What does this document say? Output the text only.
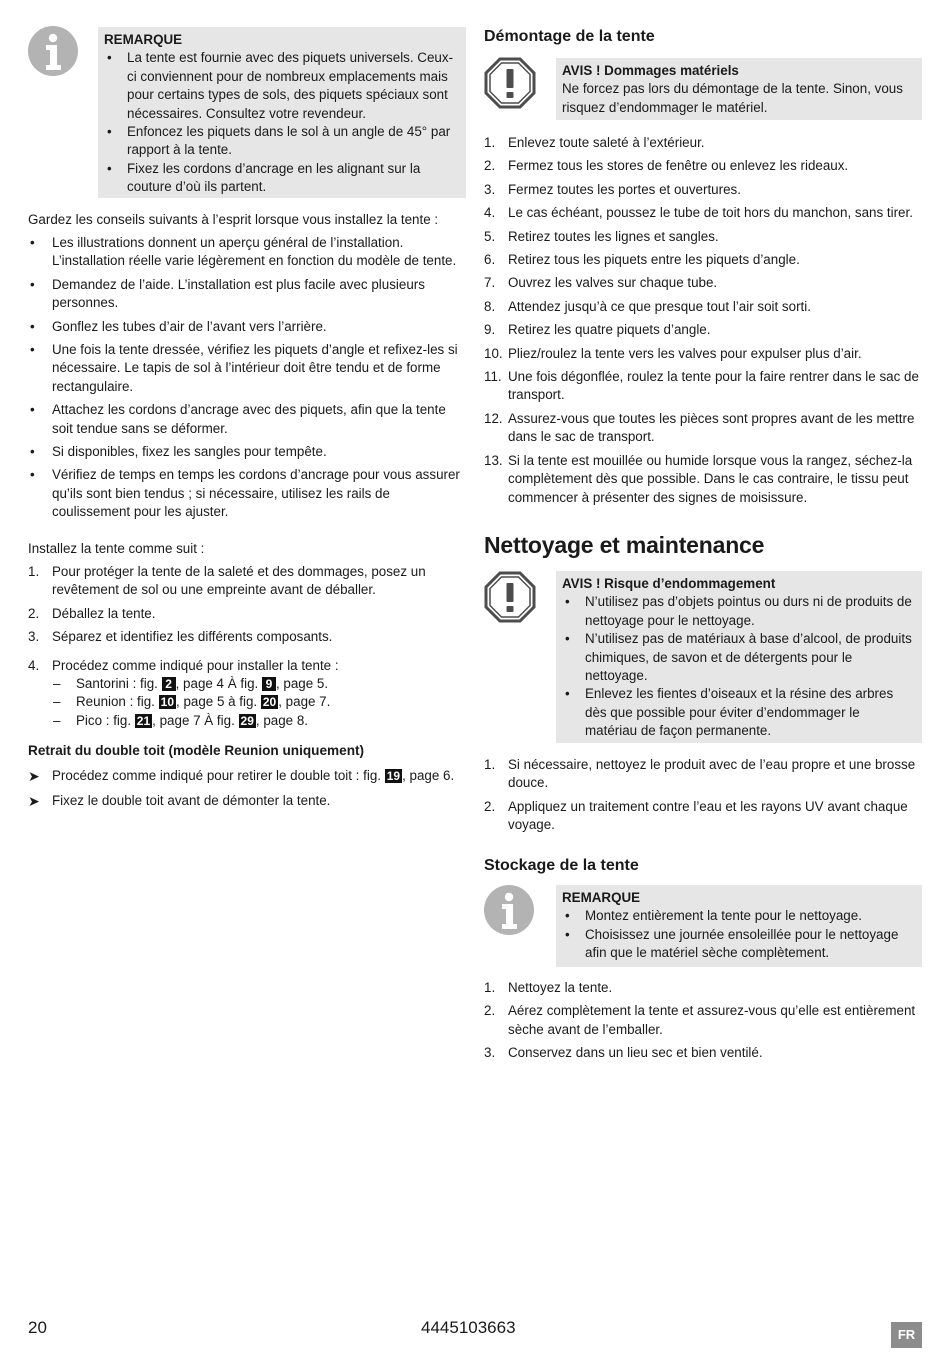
REMARQUE
• La tente est fournie avec des piquets universels. Ceux-ci conviennent pour de nombreux emplacements mais pour certains types de sols, des piquets spéciaux sont nécessaires. Consultez votre revendeur.
• Enfoncez les piquets dans le sol à un angle de 45° par rapport à la tente.
• Fixez les cordons d’ancrage en les alignant sur la couture d’où ils partent.

Gardez les conseils suivants à l’esprit lorsque vous installez la tente :

• Les illustrations donnent un aperçu général de l’installation. L’installation réelle varie légèrement en fonction du modèle de tente.
• Demandez de l’aide. L’installation est plus facile avec plusieurs personnes.
• Gonflez les tubes d’air de l’avant vers l’arrière.
• Une fois la tente dressée, vérifiez les piquets d’angle et refixez-les si nécessaire. Le tapis de sol à l’intérieur doit être tendu et de forme rectangulaire.
• Attachez les cordons d’ancrage avec des piquets, afin que la tente soit tendue sans se déformer.
• Si disponibles, fixez les sangles pour tempête.
• Vérifiez de temps en temps les cordons d’ancrage pour vous assurer qu’ils sont bien tendus ; si nécessaire, utilisez les rails de coulissement pour les ajuster.

Installez la tente comme suit :

1. Pour protéger la tente de la saleté et des dommages, posez un revêtement de sol ou une empreinte avant de déballer.
2. Déballez la tente.
3. Séparez et identifiez les différents composants.
4. Procédez comme indiqué pour installer la tente :
– Santorini : fig. 2 , page 4 À fig. 9 , page 5.
– Reunion : fig. 10 , page 5 à fig. 20 , page 7.
– Pico : fig. 21 , page 7 À fig. 29 , page 8.
Retrait du double toit (modèle Reunion uniquement)
➤ Procédez comme indiqué pour retirer le double toit : fig. 19 , page 6.
➤ Fixez le double toit avant de démonter la tente.
Démontage de la tente
AVIS ! Dommages matériels
Ne forcez pas lors du démontage de la tente. Sinon, vous risquez d’endommager le matériel.
1. Enlevez toute saleté à l’extérieur.
2. Fermez tous les stores de fenêtre ou enlevez les rideaux.
3. Fermez toutes les portes et ouvertures.
4. Le cas échéant, poussez le tube de toit hors du manchon, sans tirer.
5. Retirez toutes les lignes et sangles.
6. Retirez tous les piquets entre les piquets d’angle.
7. Ouvrez les valves sur chaque tube.
8. Attendez jusqu’à ce que presque tout l’air soit sorti.
9. Retirez les quatre piquets d’angle.
10. Pliez/roulez la tente vers les valves pour expulser plus d’air.
11. Une fois dégonflée, roulez la tente pour la faire rentrer dans le sac de transport.
12. Assurez-vous que toutes les pièces sont propres avant de les mettre dans le sac de transport.
13. Si la tente est mouillée ou humide lorsque vous la rangez, séchez-la complètement dès que possible. Dans le cas contraire, le tissu peut commencer à présenter des signes de moisissure.
Nettoyage et maintenance
AVIS ! Risque d’endommagement
• N’utilisez pas d’objets pointus ou durs ni de produits de nettoyage pour le nettoyage.
• N’utilisez pas de matériaux à base d’alcool, de produits chimiques, de savon et de détergents pour le nettoyage.
• Enlevez les fientes d’oiseaux et la résine des arbres dès que possible pour éviter d’endommager le matériau de façon permanente.
1. Si nécessaire, nettoyez le produit avec de l’eau propre et une brosse douce.
2. Appliquez un traitement contre l’eau et les rayons UV avant chaque voyage.
Stockage de la tente
REMARQUE
• Montez entièrement la tente pour le nettoyage.
• Choisissez une journée ensoleillée pour le nettoyage afin que le matériel sèche complètement.
1. Nettoyez la tente.
2. Aérez complètement la tente et assurez-vous qu’elle est entièrement sèche avant de l’emballer.
3. Conservez dans un lieu sec et bien ventilé.
20	4445103663	FR
